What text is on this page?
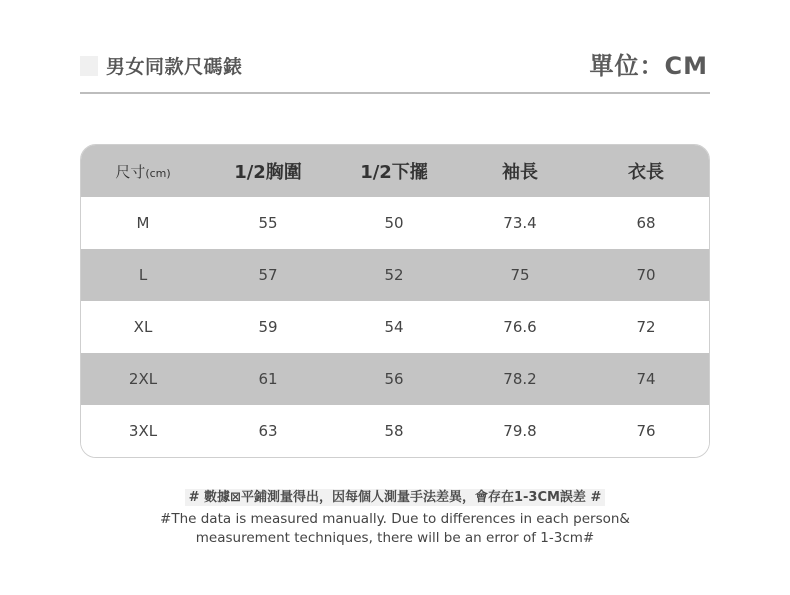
男女同款尺碼錶	單位：CM
尺寸(cm)	1/2胸圍	1/2下擺	袖長	衣長
M	55	50	73.4	68
L	57	52	75	70
XL	59	54	76.6	72
2XL	61	56	78.2	74
3XL	63	58	79.8	76
# 數據⊠平鋪測量得出，因每個人測量手法差異，會存在1-3CM誤差 #
#The data is measured manually. Due to differences in each person&
measurement techniques, there will be an error of 1-3cm#
